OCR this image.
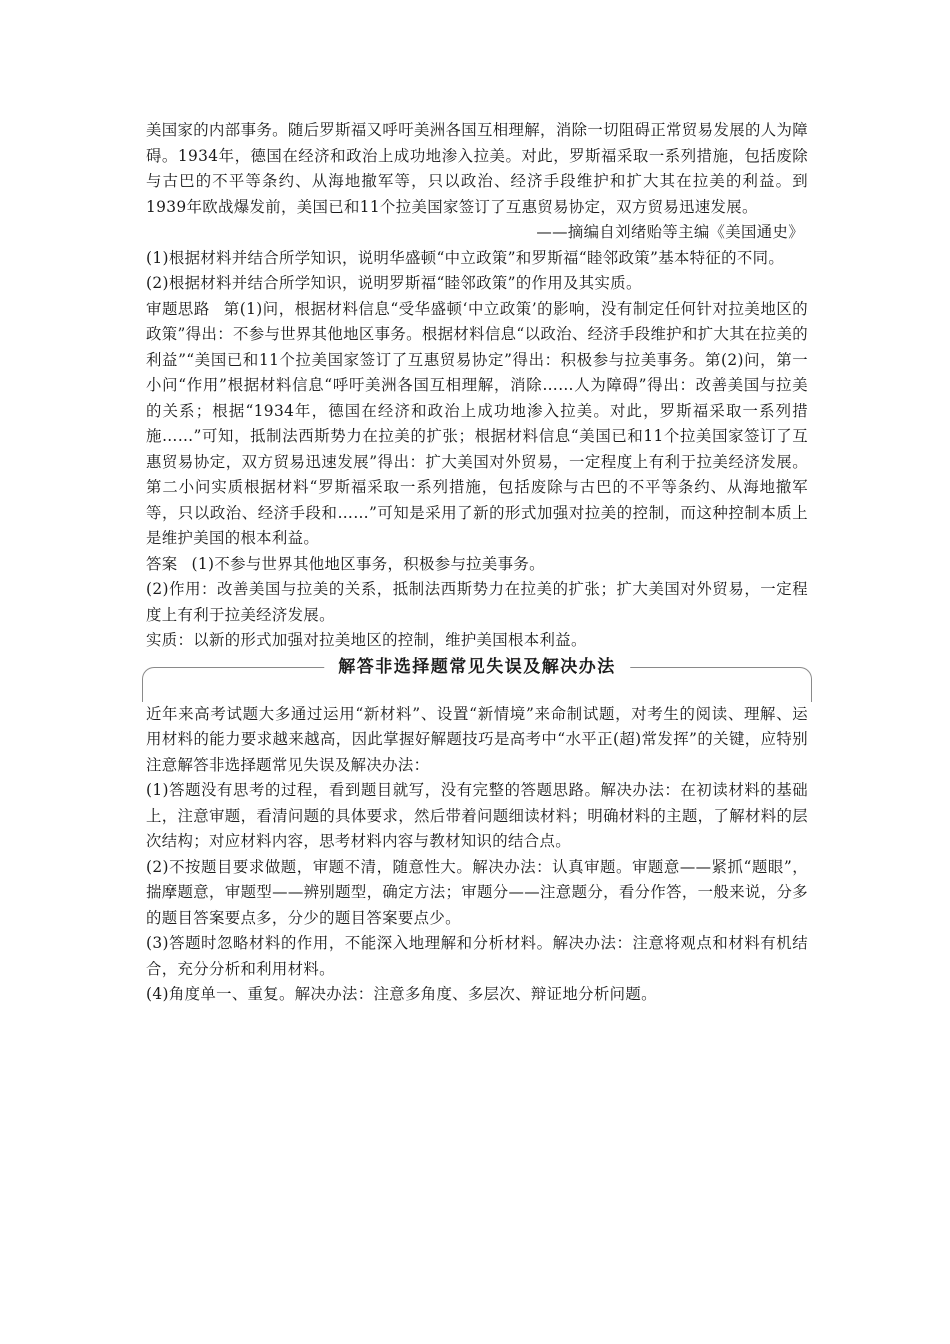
美国家的内部事务。随后罗斯福又呼吁美洲各国互相理解，消除一切阻碍正常贸易发展的人为障碍。1934年，德国在经济和政治上成功地渗入拉美。对此，罗斯福采取一系列措施，包括废除与古巴的不平等条约、从海地撤军等，只以政治、经济手段维护和扩大其在拉美的利益。到1939年欧战爆发前，美国已和11个拉美国家签订了互惠贸易协定，双方贸易迅速发展。

——摘编自刘绪贻等主编《美国通史》

(1)根据材料并结合所学知识，说明华盛顿“中立政策”和罗斯福“睦邻政策”基本特征的不同。

(2)根据材料并结合所学知识，说明罗斯福“睦邻政策”的作用及其实质。

审题思路 第(1)问，根据材料信息“受华盛顿‘中立政策’的影响，没有制定任何针对拉美地区的政策”得出：不参与世界其他地区事务。根据材料信息“以政治、经济手段维护和扩大其在拉美的利益”“美国已和11个拉美国家签订了互惠贸易协定”得出：积极参与拉美事务。第(2)问，第一小问“作用”根据材料信息“呼吁美洲各国互相理解，消除……人为障碍”得出：改善美国与拉美的关系；根据“1934年，德国在经济和政治上成功地渗入拉美。对此，罗斯福采取一系列措施……”可知，抵制法西斯势力在拉美的扩张；根据材料信息“美国已和11个拉美国家签订了互惠贸易协定，双方贸易迅速发展”得出：扩大美国对外贸易，一定程度上有利于拉美经济发展。第二小问实质根据材料“罗斯福采取一系列措施，包括废除与古巴的不平等条约、从海地撤军等，只以政治、经济手段和……”可知是采用了新的形式加强对拉美的控制，而这种控制本质上是维护美国的根本利益。

答案 (1)不参与世界其他地区事务，积极参与拉美事务。

(2)作用：改善美国与拉美的关系，抵制法西斯势力在拉美的扩张；扩大美国对外贸易，一定程度上有利于拉美经济发展。

实质：以新的形式加强对拉美地区的控制，维护美国根本利益。

解答非选择题常见失误及解决办法

近年来高考试题大多通过运用“新材料”、设置“新情境”来命制试题，对考生的阅读、理解、运用材料的能力要求越来越高，因此掌握好解题技巧是高考中“水平正(超)常发挥”的关键，应特别注意解答非选择题常见失误及解决办法：

(1)答题没有思考的过程，看到题目就写，没有完整的答题思路。解决办法：在初读材料的基础上，注意审题，看清问题的具体要求，然后带着问题细读材料；明确材料的主题，了解材料的层次结构；对应材料内容，思考材料内容与教材知识的结合点。

(2)不按题目要求做题，审题不清，随意性大。解决办法：认真审题。审题意——紧抓“题眼”，揣摩题意，审题型——辨别题型，确定方法；审题分——注意题分，看分作答，一般来说，分多的题目答案要点多，分少的题目答案要点少。

(3)答题时忽略材料的作用，不能深入地理解和分析材料。解决办法：注意将观点和材料有机结合，充分分析和利用材料。

(4)角度单一、重复。解决办法：注意多角度、多层次、辩证地分析问题。
